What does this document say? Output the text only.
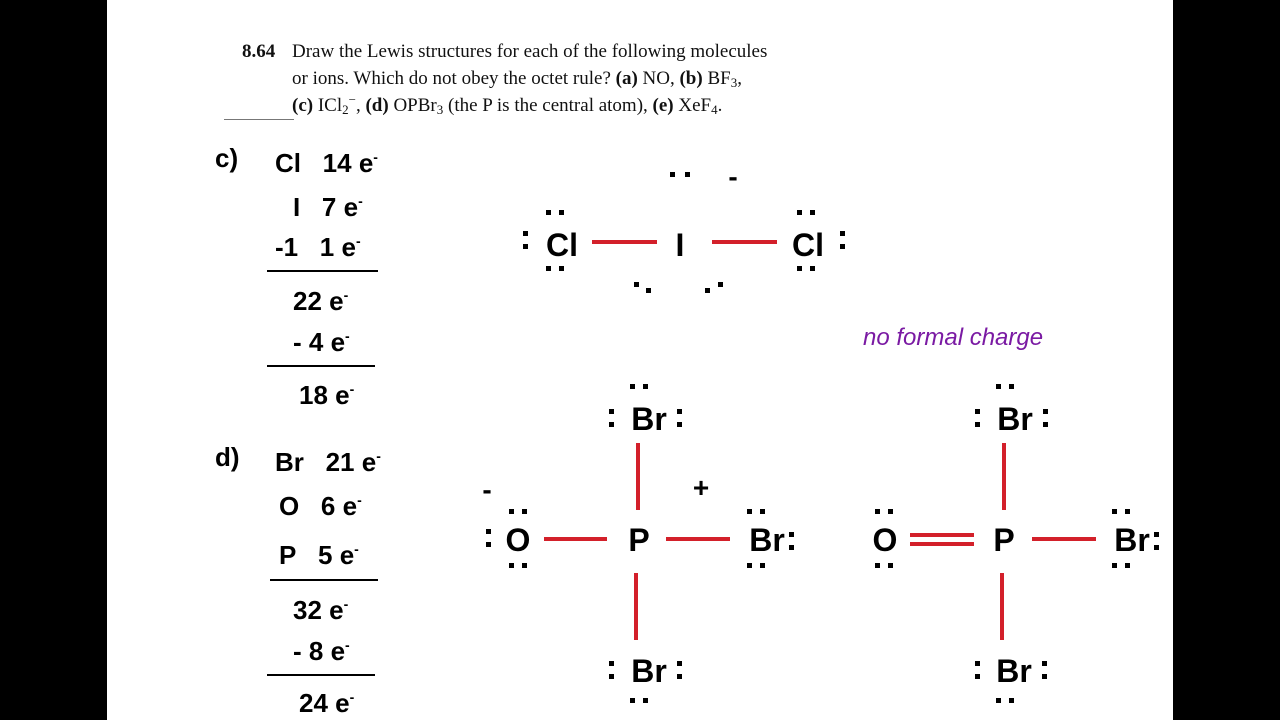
8.64 Draw the Lewis structures for each of the following molecules
or ions. Which do not obey the octet rule? (a) NO, (b) $BF_3$,
(c) ICl$_2$−, (d) OPBr$_3$ (the P is the central atom), (e) XeF$_4$.
c) Cl 14 e-
I 7 e-
-1 1 e-
22 e-
- 4 e-
18 e-
d) Br 21 e-
O 6 e-
P 5 e-
32 e-
- 8 e-
24 e-
no formal charge
Cl	I	Cl
-
Br
O	P	Br
Br
-	+
Br
O	P	Br
Br
